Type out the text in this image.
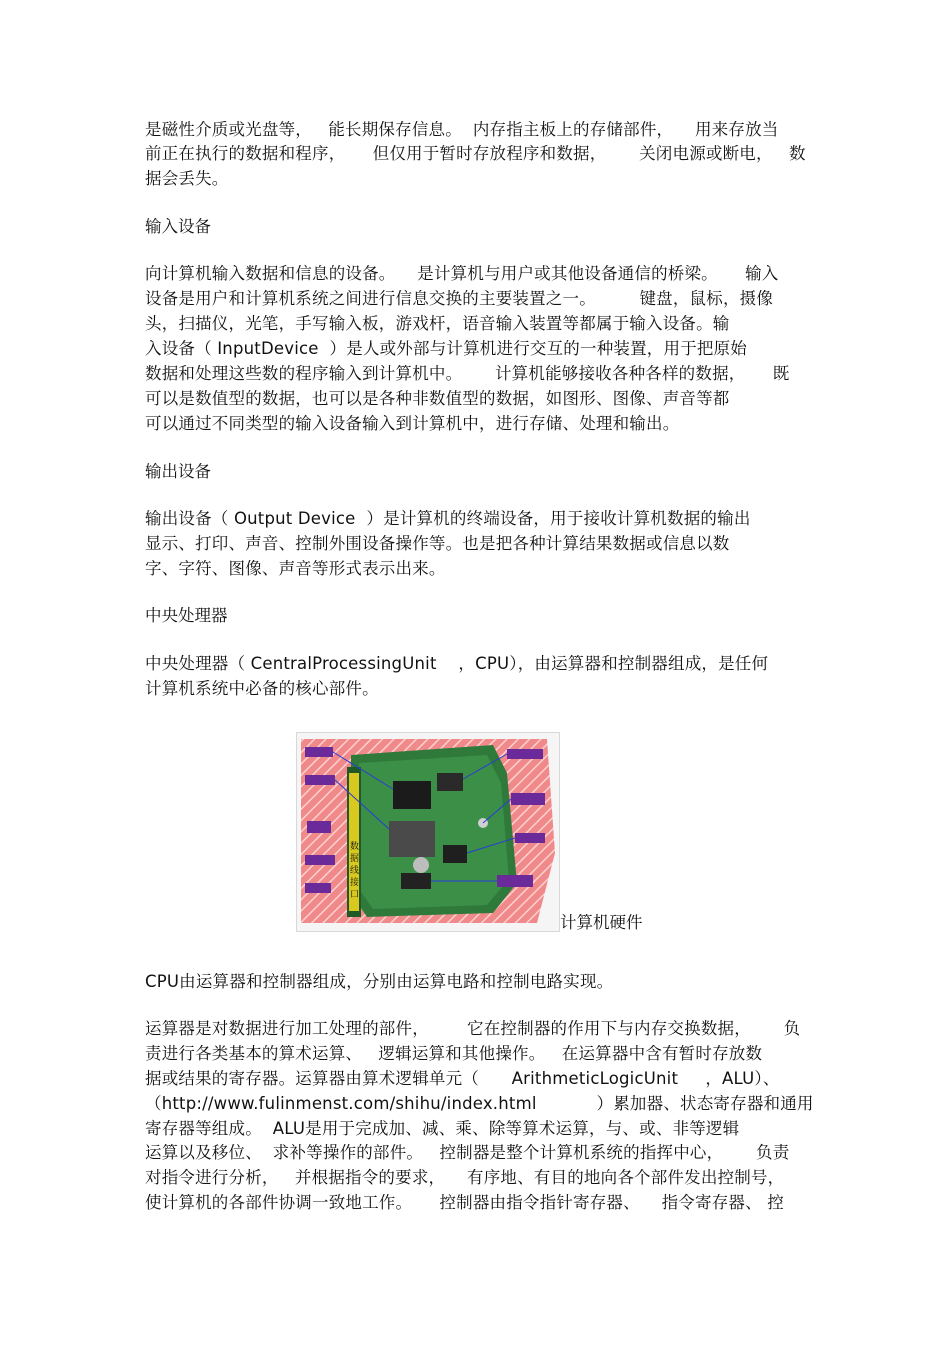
是磁性介质或光盘等，   能长期保存信息。  内存指主板上的存储部件，    用来存放当
前正在执行的数据和程序，     但仅用于暂时存放程序和数据，      关闭电源或断电，   数
据会丢失。
输入设备
向计算机输入数据和信息的设备。    是计算机与用户或其他设备通信的桥梁。     输入
设备是用户和计算机系统之间进行信息交换的主要装置之一。        键盘，鼠标，摄像
头，扫描仪，光笔，手写输入板，游戏杆，语音输入装置等都属于输入设备。输
入设备（ InputDevice  ）是人或外部与计算机进行交互的一种装置，用于把原始
数据和处理这些数的程序输入到计算机中。      计算机能够接收各种各样的数据，     既
可以是数值型的数据，也可以是各种非数值型的数据，如图形、图像、声音等都
可以通过不同类型的输入设备输入到计算机中，进行存储、处理和输出。
输出设备
输出设备（ Output Device  ）是计算机的终端设备，用于接收计算机数据的输出
显示、打印、声音、控制外围设备操作等。也是把各种计算结果数据或信息以数
字、字符、图像、声音等形式表示出来。
中央处理器
中央处理器（ CentralProcessingUnit    ，CPU），由运算器和控制器组成，是任何
计算机系统中必备的核心部件。
数
据
线
接
口
计算机硬件
CPU由运算器和控制器组成，分别由运算电路和控制电路实现。
运算器是对数据进行加工处理的部件，       它在控制器的作用下与内存交换数据，      负
责进行各类基本的算术运算、   逻辑运算和其他操作。   在运算器中含有暂时存放数
据或结果的寄存器。运算器由算术逻辑单元（      ArithmeticLogicUnit     ，ALU）、
（http://www.fulinmenst.com/shihu/index.html           ）累加器、状态寄存器和通用
寄存器等组成。  ALU是用于完成加、减、乘、除等算术运算，与、或、非等逻辑
运算以及移位、  求补等操作的部件。   控制器是整个计算机系统的指挥中心，      负责
对指令进行分析，   并根据指令的要求，    有序地、有目的地向各个部件发出控制号，
使计算机的各部件协调一致地工作。     控制器由指令指针寄存器、    指令寄存器、 控
